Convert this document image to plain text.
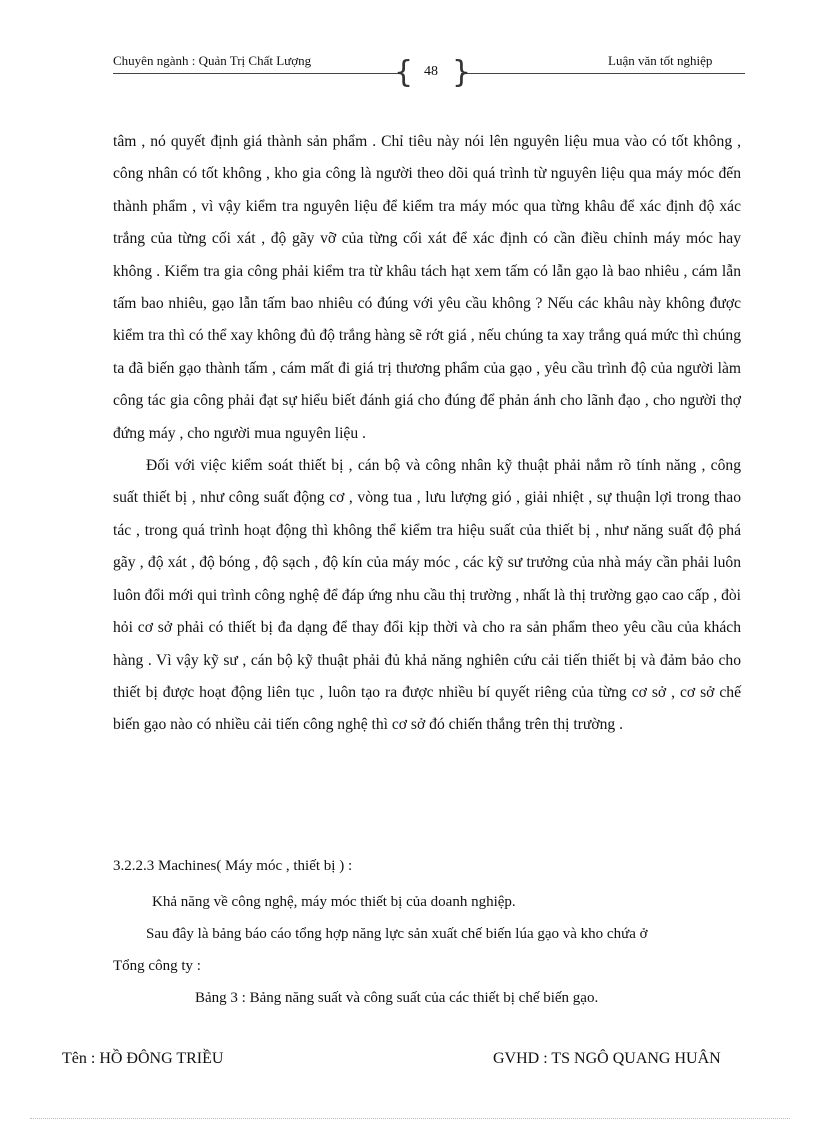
Chuyên ngành : Quản Trị Chất Lượng	Luận văn tốt nghiệp
{ }
48

tâm , nó quyết định giá thành sản phẩm . Chỉ tiêu này nói lên nguyên liệu mua vào có tốt không , công nhân có tốt không , kho gia công là người theo dõi quá trình từ nguyên liệu qua máy móc đến thành phẩm , vì vậy kiểm tra nguyên liệu để kiểm tra máy móc qua từng khâu để xác định độ xác trắng của từng cối xát , độ gãy vỡ của từng cối xát để xác định có cần điều chỉnh máy móc hay không . Kiểm tra gia công phải kiểm tra từ khâu tách hạt xem tấm có lẫn gạo là bao nhiêu , cám lẫn tấm bao nhiêu, gạo lẫn tấm bao nhiêu có đúng với yêu cầu không ? Nếu các khâu này không được kiểm tra thì có thể xay không đủ độ trắng hàng sẽ rớt giá , nếu chúng ta xay trắng quá mức thì chúng ta đã biến gạo thành tấm , cám mất đi giá trị thương phẩm của gạo , yêu cầu trình độ của người làm công tác gia công phải đạt sự hiểu biết đánh giá cho đúng để phản ánh cho lãnh đạo , cho người thợ đứng máy , cho người mua nguyên liệu .

Đối với việc kiểm soát thiết bị , cán bộ và công nhân kỹ thuật phải nắm rõ tính năng , công suất thiết bị , như công suất động cơ , vòng tua , lưu lượng gió , giải nhiệt , sự thuận lợi trong thao tác , trong quá trình hoạt động thì không thể kiểm tra hiệu suất của thiết bị , như năng suất độ phá gãy , độ xát , độ bóng , độ sạch , độ kín của máy móc , các kỹ sư trưởng của nhà máy cần phải luôn luôn đổi mới qui trình công nghệ để đáp ứng nhu cầu thị trường , nhất là thị trường gạo cao cấp , đòi hỏi cơ sở phải có thiết bị đa dạng để thay đổi kịp thời và cho ra sản phẩm theo yêu cầu của khách hàng . Vì vậy kỹ sư , cán bộ kỹ thuật phải đủ khả năng nghiên cứu cải tiến thiết bị và đảm bảo cho thiết bị được hoạt động liên tục , luôn tạo ra được nhiều bí quyết riêng của từng cơ sở , cơ sở chế biến gạo nào có nhiều cải tiến công nghệ thì cơ sở đó chiến thắng trên thị trường .

3.2.2.3 Machines( Máy móc , thiết bị ) :
Khả năng về công nghệ, máy móc thiết bị của doanh nghiệp.
Sau đây là bảng báo cáo tổng hợp năng lực sản xuất chế biến lúa gạo và kho chứa ở
Tổng công ty :
Bảng 3 : Bảng năng suất và công suất của các thiết bị chế biến gạo.
Tên : HỒ ĐÔNG TRIỀU	GVHD : TS NGÔ QUANG HUÂN
